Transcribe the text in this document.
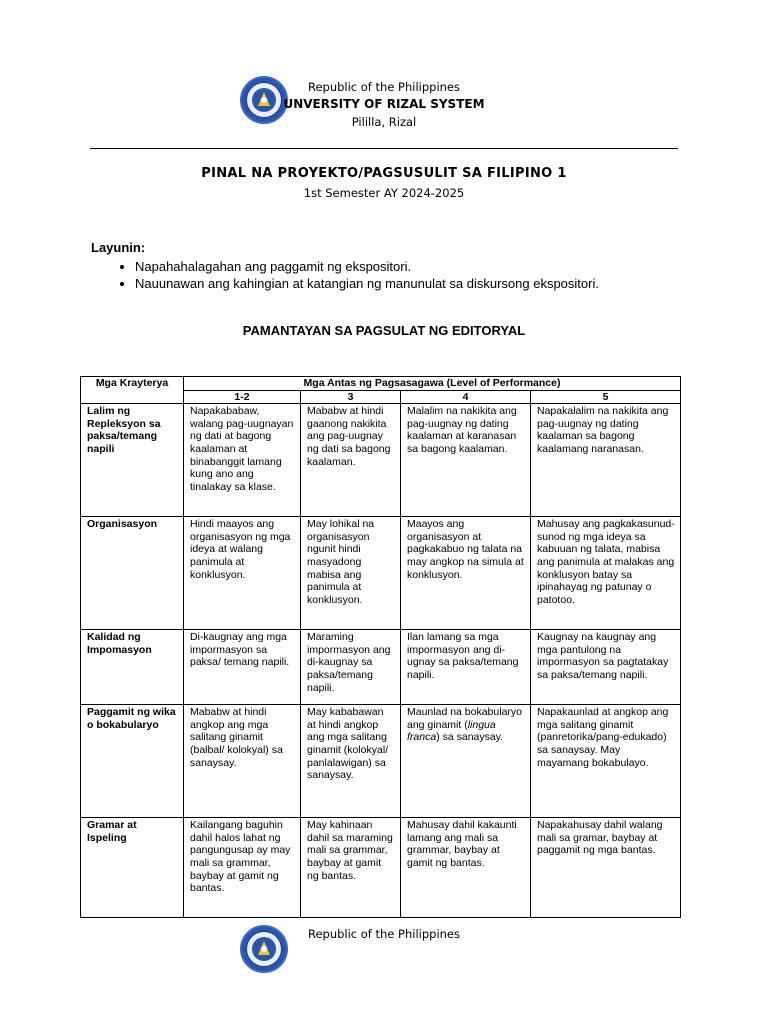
Republic of the Philippines
UNVERSITY OF RIZAL SYSTEM
Pililla, Rizal
PINAL NA PROYEKTO/PAGSUSULIT SA FILIPINO 1
1st Semester AY 2024-2025
Layunin:
• Napahahalagahan ang paggamit ng ekspositori.
• Nauunawan ang kahingian at katangian ng manunulat sa diskursong ekspositori.
PAMANTAYAN SA PAGSULAT NG EDITORYAL
Mga Krayterya	Mga Antas ng Pagsasagawa (Level of Performance)			
	1-2	3	4	5
Lalim ng Repleksyon sa paksa/temang napili	Napakababaw, walang pag-uugnayan ng dati at bagong kaalaman at binabanggit lamang kung ano ang tinalakay sa klase.	Mababw at hindi gaanong nakikita ang pag-uugnay ng dati sa bagong kaalaman.	Malalim na nakikita ang pag-uugnay ng dating kaalaman at karanasan sa bagong kaalaman.	Napakalalim na nakikita ang pag-uugnay ng dating kaalaman sa bagong kaalamang naranasan.
Organisasyon	Hindi maayos ang organisasyon ng mga ideya at walang panimula at konklusyon.	May lohikal na organisasyon ngunit hindi masyadong mabisa ang panimula at konklusyon.	Maayos ang organisasyon at pagkakabuo ng talata na may angkop na simula at konklusyon.	Mahusay ang pagkakasunud-sunod ng mga ideya sa kabuuan ng talata, mabisa ang panimula at malakas ang konklusyon batay sa ipinahayag ng patunay o patotoo.
Kalidad ng Impomasyon	Di-kaugnay ang mga impormasyon sa paksa/ temang napili.	Maraming impormasyon ang di-kaugnay sa paksa/temang napili.	Ilan lamang sa mga impormasyon ang di-ugnay sa paksa/temang napili.	Kaugnay na kaugnay ang mga pantulong na impormasyon sa pagtatakay sa paksa/temang napili.
Paggamit ng wika o bokabularyo	Mababw at hindi angkop ang mga salitang ginamit (balbal/ kolokyal) sa sanaysay.	May kababawan at hindi angkop ang mga salitang ginamit (kolokyal/ panlalawigan) sa sanaysay.	Maunlad na bokabularyo ang ginamit (lingua franca) sa sanaysay.	Napakaunlad at angkop ang mga salitang ginamit (panretorika/pang-edukado) sa sanaysay. May mayamang bokabulayo.
Gramar at Ispeling	Kailangang baguhin dahil halos lahat ng pangungusap ay may mali sa grammar, baybay at gamit ng bantas.	May kahinaan dahil sa maraming mali sa grammar, baybay at gamit ng bantas.	Mahusay dahil kakaunti lamang ang mali sa grammar, baybay at gamit ng bantas.	Napakahusay dahil walang mali sa gramar, baybay at paggamit ng mga bantas.
Republic of the Philippines
